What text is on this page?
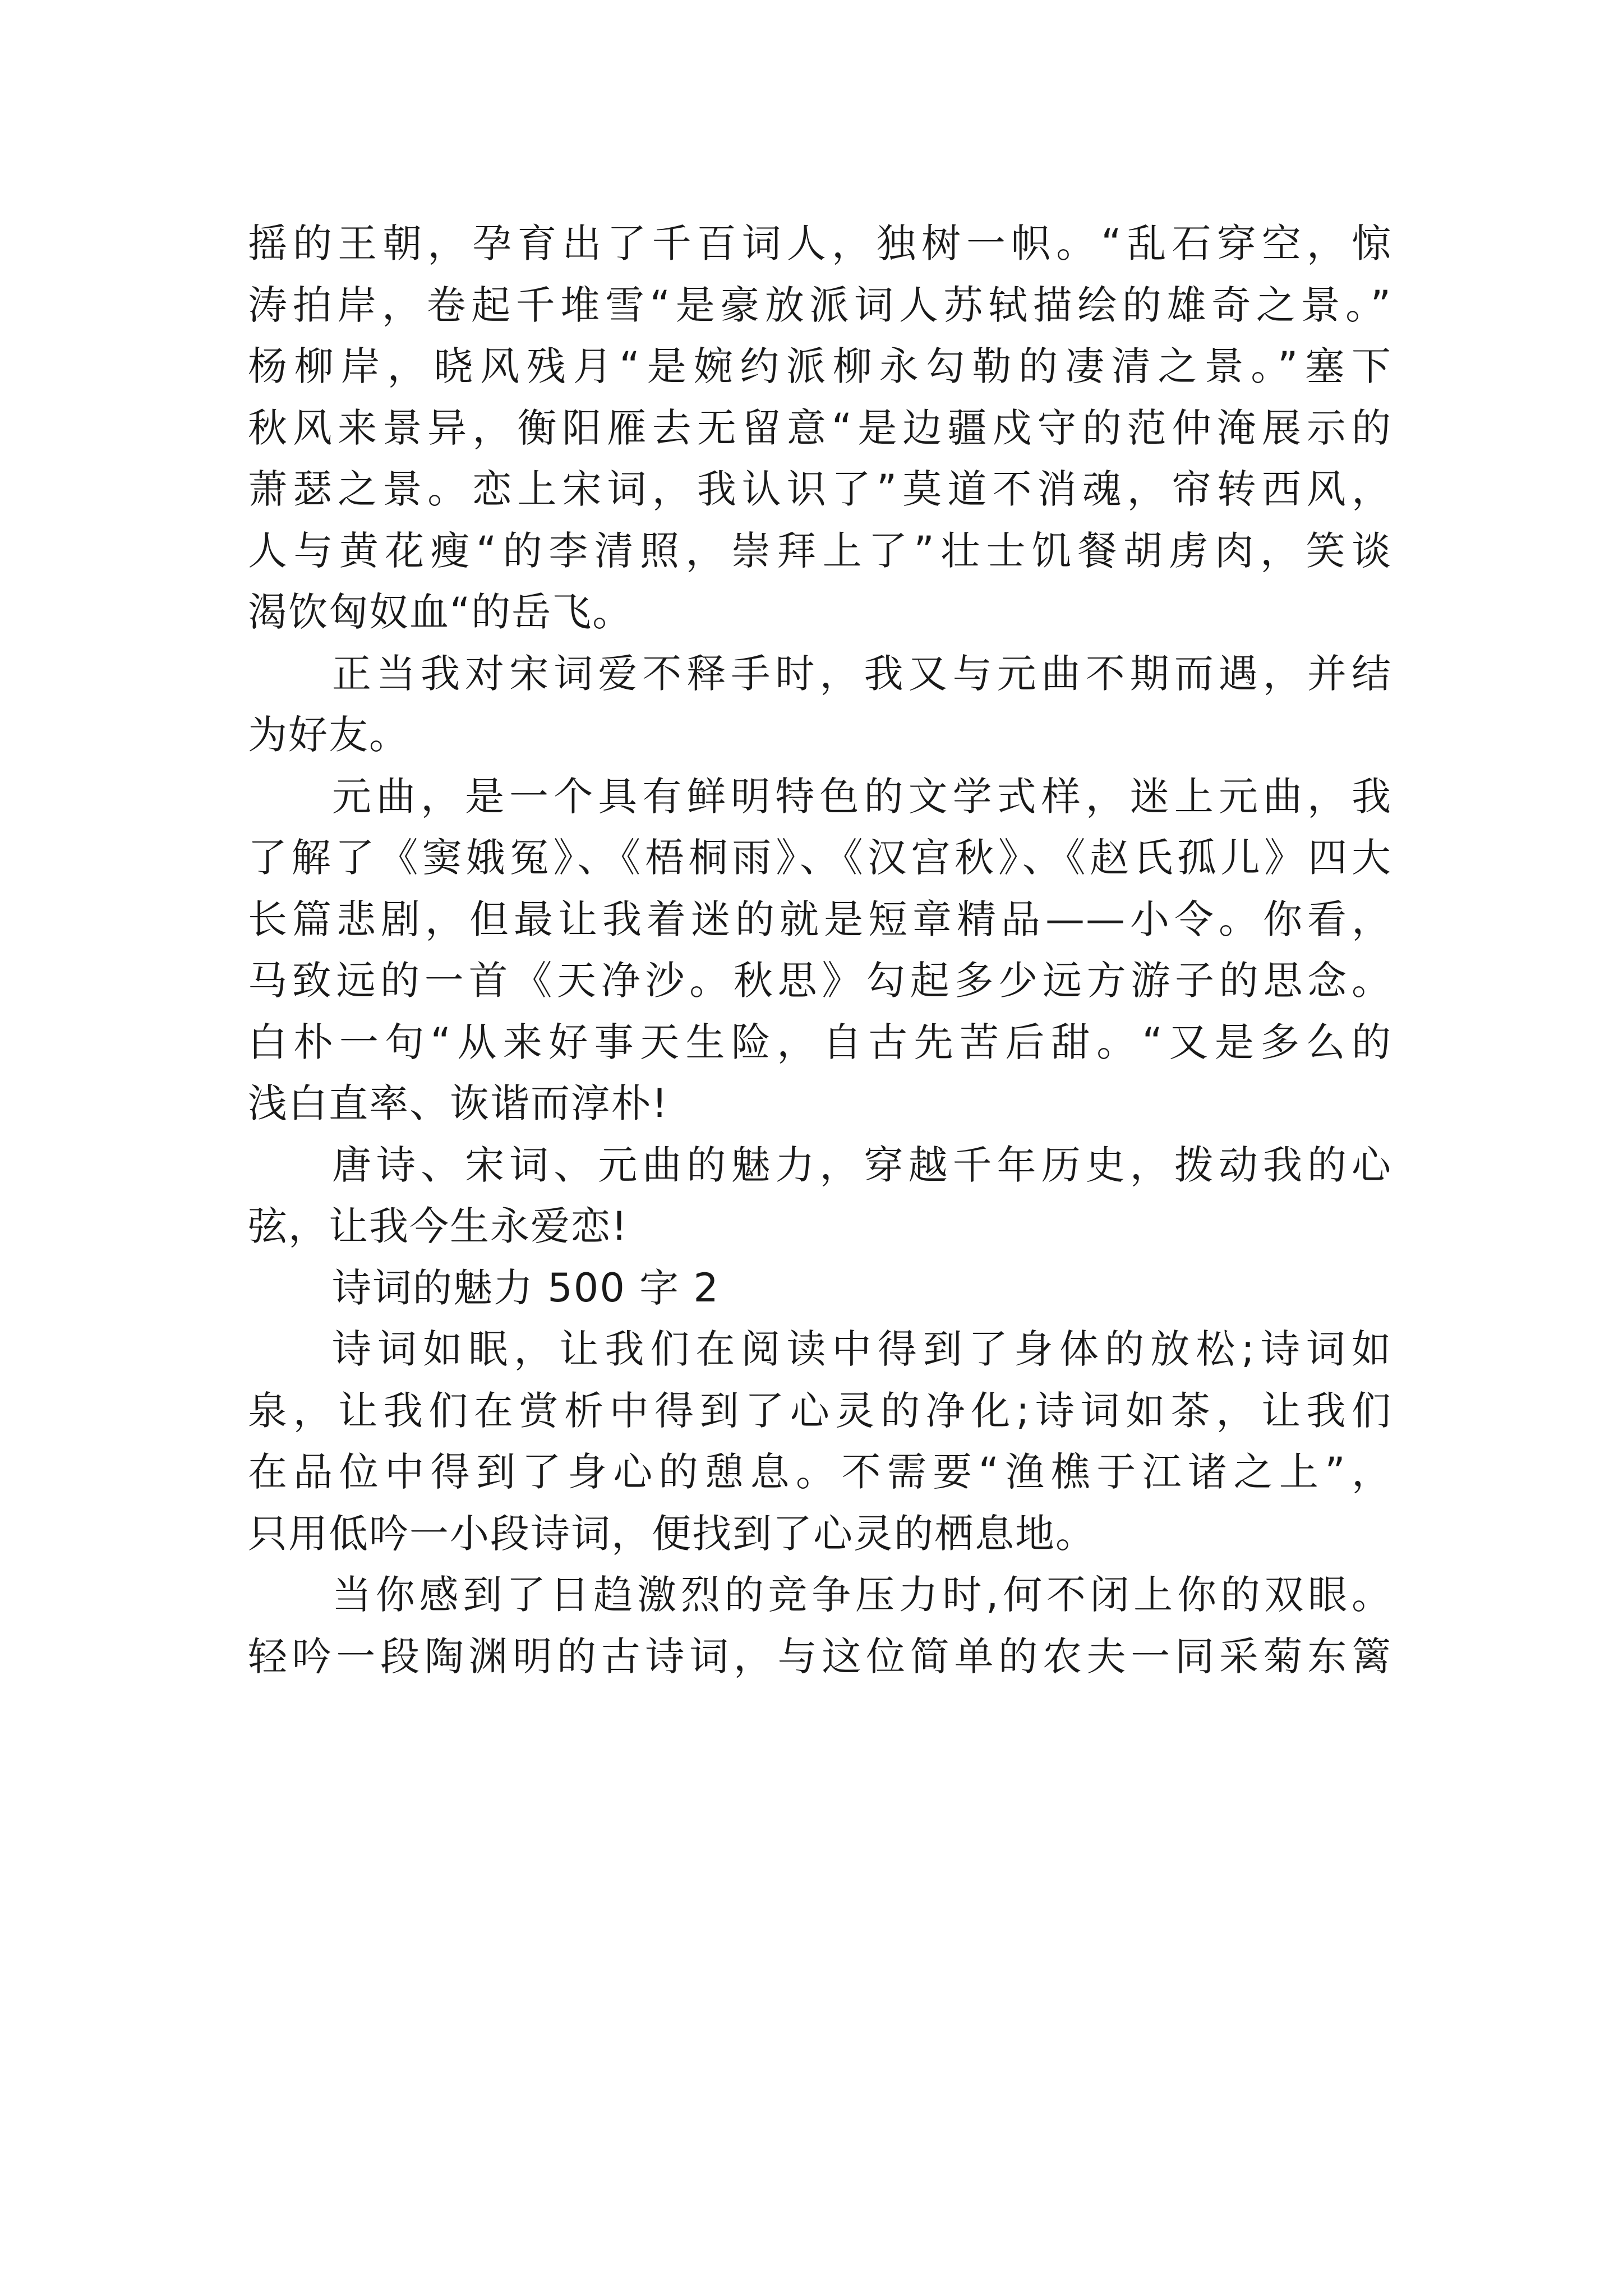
摇的王朝，孕育出了千百词人，独树一帜。“乱石穿空，惊
涛拍岸，卷起千堆雪“是豪放派词人苏轼描绘的雄奇之景。”
杨柳岸，晓风残月“是婉约派柳永勾勒的凄清之景。”塞下
秋风来景异，衡阳雁去无留意“是边疆戍守的范仲淹展示的
萧瑟之景。恋上宋词，我认识了”莫道不消魂，帘转西风，
人与黄花瘦“的李清照，崇拜上了”壮士饥餐胡虏肉，笑谈
渴饮匈奴血“的岳飞。
正当我对宋词爱不释手时，我又与元曲不期而遇，并结
为好友。
元曲，是一个具有鲜明特色的文学式样，迷上元曲，我
了解了《窦娥冤》、《梧桐雨》、《汉宫秋》、《赵氏孤儿》四大
长篇悲剧，但最让我着迷的就是短章精品——小令。你看，
马致远的一首《天净沙。秋思》勾起多少远方游子的思念。
白朴一句“从来好事天生险，自古先苦后甜。“又是多么的
浅白直率、诙谐而淳朴!
唐诗、宋词、元曲的魅力，穿越千年历史，拨动我的心
弦，让我今生永爱恋!
诗词的魅力 500 字 2
诗词如眠，让我们在阅读中得到了身体的放松;诗词如
泉，让我们在赏析中得到了心灵的净化;诗词如茶，让我们
在品位中得到了身心的憩息。不需要“渔樵于江诸之上”，
只用低吟一小段诗词，便找到了心灵的栖息地。
当你感到了日趋激烈的竞争压力时,何不闭上你的双眼。
轻吟一段陶渊明的古诗词，与这位简单的农夫一同采菊东篱
